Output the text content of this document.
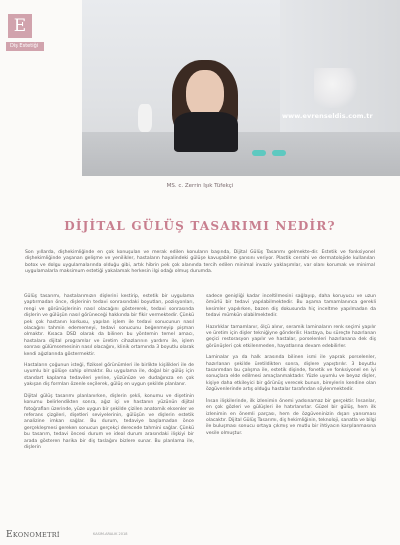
E
Diş Estetiği
www.evrenseldis.com.tr
MS. c. Zerrin Işık Tüfekçi
DİJİTAL GÜLÜŞ TASARIMI NEDİR?

Son yıllarda, dişhekimliğinde en çok konuşulan ve merak edilen konuların başında, Dijital Gülüş Tasarımı gelmekte-dir. Estetik ve fonksiyonel dişhekimliğinde yaşanan gelişme ve yenilikler, hastaların hayalindeki gülüşe kavuşabilme şansını veriyor. Plastik cerrahi ve dermatolojide kullanılan botox ve dolgu uygulamalarında olduğu gibi, artık hibrin pek çok alanında tercih edilen minimal invaziv yaklaşımlar, var olanı korumak ve minimal uygulamalarla maksimum estetiği yakalamak herkesin ilgi odağı olmuş durumda.

Gülüş tasarımı, hastalarımızın dişlerini kestirip, estetik bir uygulama yaptırmadan önce, dişlerinin tedavi sonrasındaki boyutları, pozisyonları, rengi ve görünüşlerinin nasıl olacağını göstererek, tedavi sonrasında dişlerin ve gülüşün nasıl görüneceği hakkında bir fikir vermektedir. Çünkü pek çok hastanın korkusu, yapılan işlem ile tedavi sonucunun nasıl olacağını tahmin edememeyi, tedavi sonucunu beğenmeyip pişman olmaktır. Kısaca DSD olarak da bilinen bu yöntemin temel amacı, hastalara dijital programlar ve üretim cihazlarının yardımı ile, işlem sonrası gülümsemesinin nasıl olacağını, klinik ortamında 3 boyutlu olarak kendi ağızlarında göstermektir.

Hastaların çoğunun isteği, fiziksel görünümleri ile birlikte kişilikleri ile de uyumlu bir gülüşe sahip olmaktır. Bu uygulama ile, doğal bir gülüş için standart kaplama tedavileri yerine, yüzünüze ve dudağınıza en çok yakışan diş formları özenle seçilerek, gülüş en uygun şekilde planlanır.

Dijital gülüş tasarımı planlanırken, dişlerin şekli, konumu ve dişetinin konumu belirlendikten sonra, ağız içi ve hastanın yüzünün dijital fotoğrafları üzerinde, yüze uygun bir şekilde çizilen anatomik eksenler ve referans çizgileri, dişetleri seviyelerinin, gülüşün ve dişlerin estetik analizine imkan sağlar. Bu durum, tedaviye başlamadan önce gerçekleşmesi gereken sonucun gerçekçi derecede tahmini sağlar. Çünkü bu tasarım, tedavi öncesi durum ve ideal durum arasındaki ilişkiyi bir arada gösteren harika bir diş taslağını bizlere sunar. Bu planlama ile, dişlerin

sadece genişliği kadar inceltilmesini sağlayıp, daha koruyucu ve uzun ömürlü bir tedavi yapılabilmektedir. Bu aşama tamamlanınca gerekli kesimler yapılırken, bazen diş dokusunda hiç inceltme yapılmadan da tedavi mümkün olabilmektedir.

Hazırlıklar tamamlanır, ölçü alınır, seramik laminaların renk seçimi yapılır ve üretim için dişler tekniğiyne gönderilir. Hastaya, bu süreçte hazırlanan geçici restorasyon yapılır ve hastalar, porselenleri hazırlanana dek diş görünüşleri çok etkilenmeden, hayatlarına devam edebilirler.

Laminalar ya da halk arasında bilinen ismi ile yaprak porselenler, hazırlanan şekilde üretildikten sonra, dişlere yapıştırılır. 3 boyutlu tasarımdan bu çalışma ile, estetik dişinde, fonetik ve fonksiyonel en iyi sonuçlara elde edilmesi amaçlanmaktadır. Yüzle uyumlu ve beyaz dişler, kişiye daha etkileyici bir görünüş verecek bunun, bireylerin kendine olan özgüvenlerinde artış olduğu hastalar tarafından söylenmektedir.

İnsan ilişkilerinde, ilk izlenimin önemi yadsınamaz bir gerçektir. İnsanlar, en çok gözleri ve gülüşleri ile hatırlanırlar. Güzel bir gülüş, hem ilk izlenimin en önemli parçası, hem de özgüveninizin dışarı yansıması olacaktır. Dijital Gülüş Tasarımı, diş hekimliğinin, teknoloji, sanatla ve bilgi ile buluşması sonucu ortaya çıkmış ve mutlu bir ihtiyacın karşılanmasına vesile olmuştur.

EKONOMETRİ	KASIM-ARALIK 2018
